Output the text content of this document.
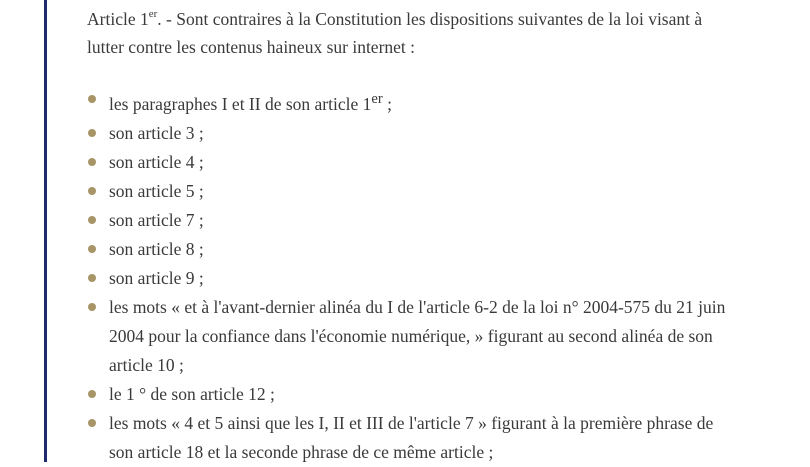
Article 1er. - Sont contraires à la Constitution les dispositions suivantes de la loi visant à lutter contre les contenus haineux sur internet :

les paragraphes I et II de son article 1er ;
son article 3 ;
son article 4 ;
son article 5 ;
son article 7 ;
son article 8 ;
son article 9 ;
les mots « et à l'avant-dernier alinéa du I de l'article 6-2 de la loi n° 2004-575 du 21 juin 2004 pour la confiance dans l'économie numérique, » figurant au second alinéa de son article 10 ;
le 1 ° de son article 12 ;
les mots « 4 et 5 ainsi que les I, II et III de l'article 7 » figurant à la première phrase de son article 18 et la seconde phrase de ce même article ;
